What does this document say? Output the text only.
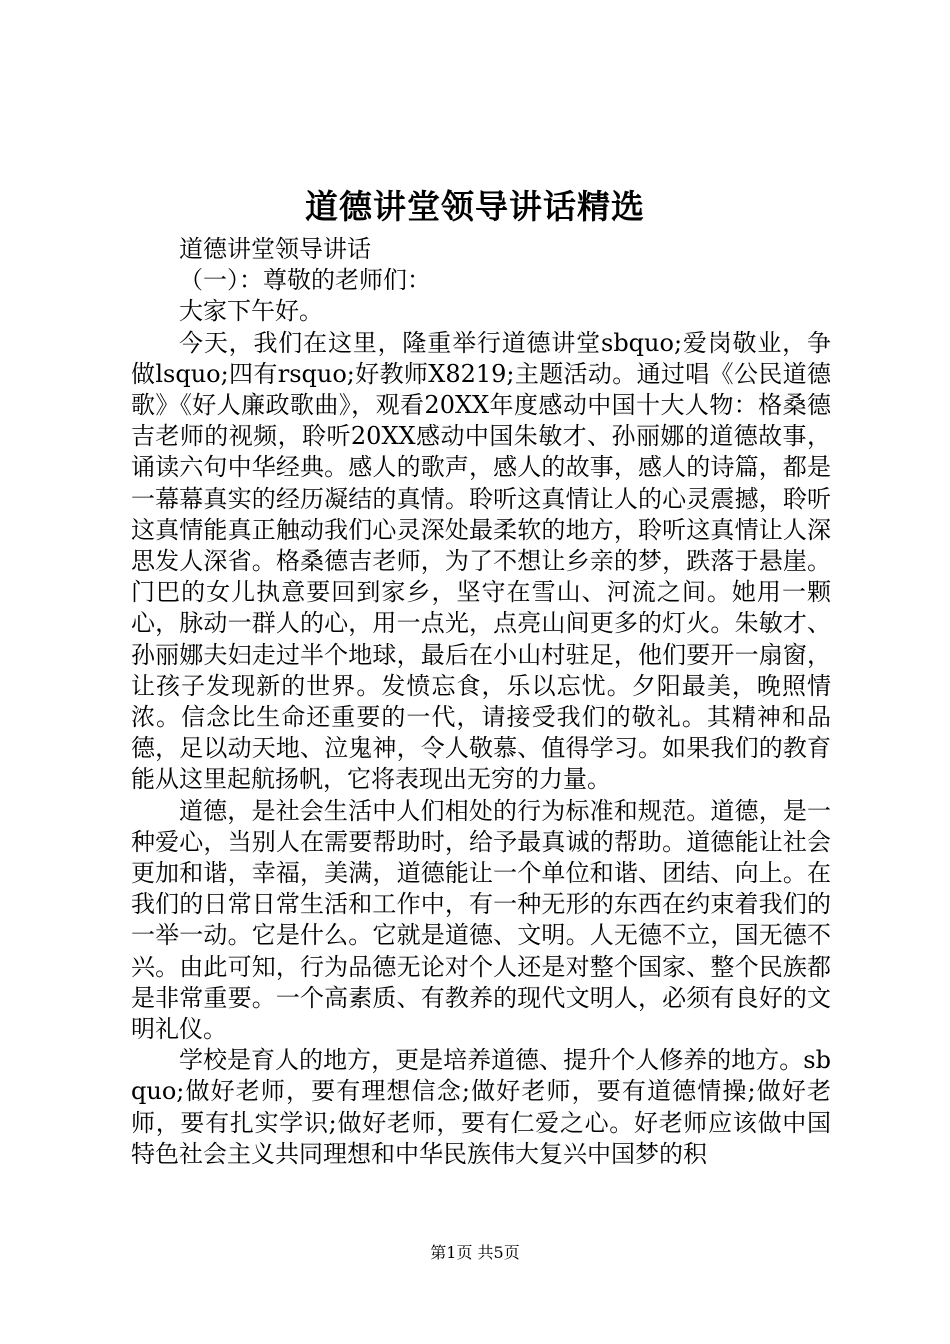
道德讲堂领导讲话精选

道德讲堂领导讲话

（一）：尊敬的老师们：

大家下午好。

今天，我们在这里，隆重举行道德讲堂sbquo;爱岗敬业，争做lsquo;四有rsquo;好教师X8219;主题活动。通过唱《公民道德歌》《好人廉政歌曲》，观看20XX年度感动中国十大人物：格桑德吉老师的视频，聆听20XX感动中国朱敏才、孙丽娜的道德故事，诵读六句中华经典。感人的歌声，感人的故事，感人的诗篇，都是一幕幕真实的经历凝结的真情。聆听这真情让人的心灵震撼，聆听这真情能真正触动我们心灵深处最柔软的地方，聆听这真情让人深思发人深省。格桑德吉老师，为了不想让乡亲的梦，跌落于悬崖。门巴的女儿执意要回到家乡，坚守在雪山、河流之间。她用一颗心，脉动一群人的心，用一点光，点亮山间更多的灯火。朱敏才、孙丽娜夫妇走过半个地球，最后在小山村驻足，他们要开一扇窗，让孩子发现新的世界。发愤忘食，乐以忘忧。夕阳最美，晚照情浓。信念比生命还重要的一代，请接受我们的敬礼。其精神和品德，足以动天地、泣鬼神，令人敬慕、值得学习。如果我们的教育能从这里起航扬帆，它将表现出无穷的力量。

道德，是社会生活中人们相处的行为标准和规范。道德，是一种爱心，当别人在需要帮助时，给予最真诚的帮助。道德能让社会更加和谐，幸福，美满，道德能让一个单位和谐、团结、向上。在我们的日常日常生活和工作中，有一种无形的东西在约束着我们的一举一动。它是什么。它就是道德、文明。人无德不立，国无德不兴。由此可知，行为品德无论对个人还是对整个国家、整个民族都是非常重要。一个高素质、有教养的现代文明人，必须有良好的文明礼仪。

学校是育人的地方，更是培养道德、提升个人修养的地方。sbquo;做好老师，要有理想信念;做好老师，要有道德情操;做好老师，要有扎实学识;做好老师，要有仁爱之心。好老师应该做中国特色社会主义共同理想和中华民族伟大复兴中国梦的积

第1页 共5页
